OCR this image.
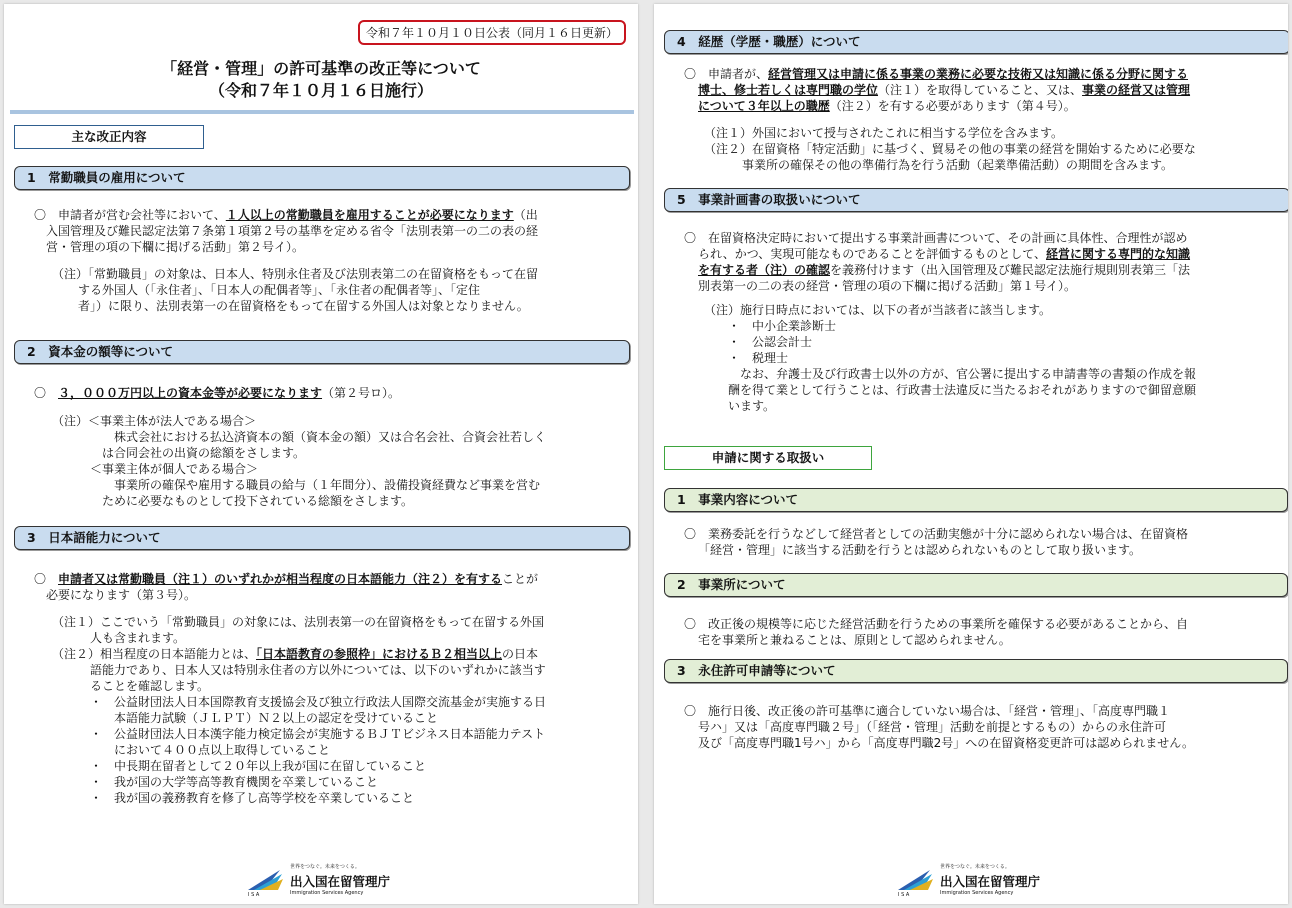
令和７年１０月１０日公表（同月１６日更新）
「経営・管理」の許可基準の改正等について
（令和７年１０月１６日施行）
主な改正内容
1　常勤職員の雇用について
〇　申請者が営む会社等において、１人以上の常勤職員を雇用することが必要になります（出
入国管理及び難民認定法第７条第１項第２号の基準を定める省令「法別表第一の二の表の経
営・管理の項の下欄に掲げる活動」第２号イ）。
（注）「常勤職員」の対象は、日本人、特別永住者及び法別表第二の在留資格をもって在留
する外国人（「永住者」、「日本人の配偶者等」、「永住者の配偶者等」、「定住
者」）に限り、法別表第一の在留資格をもって在留する外国人は対象となりません。
2　資本金の額等について
〇　３，０００万円以上の資本金等が必要になります（第２号ロ）。
（注）＜事業主体が法人である場合＞
株式会社における払込済資本の額（資本金の額）又は合名会社、合資会社若しく
は合同会社の出資の総額をさします。
＜事業主体が個人である場合＞
事業所の確保や雇用する職員の給与（１年間分）、設備投資経費など事業を営む
ために必要なものとして投下されている総額をさします。
3　日本語能力について
〇　申請者又は常勤職員（注１）のいずれかが相当程度の日本語能力（注２）を有することが
必要になります（第３号）。
（注１）ここでいう「常勤職員」の対象には、法別表第一の在留資格をもって在留する外国
人も含まれます。
（注２）相当程度の日本語能力とは、「日本語教育の参照枠」におけるＢ２相当以上の日本
語能力であり、日本人又は特別永住者の方以外については、以下のいずれかに該当す
ることを確認します。
・　公益財団法人日本国際教育支援協会及び独立行政法人国際交流基金が実施する日
本語能力試験（ＪＬＰＴ）Ｎ２以上の認定を受けていること
・　公益財団法人日本漢字能力検定協会が実施するＢＪＴビジネス日本語能力テスト
において４００点以上取得していること
・　中長期在留者として２０年以上我が国に在留していること
・　我が国の大学等高等教育機関を卒業していること
・　我が国の義務教育を修了し高等学校を卒業していること
世界をつなぐ。未来をつくる。
出入国在留管理庁
Immigration Services Agency
I S A
4　経歴（学歴・職歴）について
〇　申請者が、経営管理又は申請に係る事業の業務に必要な技術又は知識に係る分野に関する
博士、修士若しくは専門職の学位（注１）を取得していること、又は、事業の経営又は管理
について３年以上の職歴（注２）を有する必要があります（第４号）。
（注１）外国において授与されたこれに相当する学位を含みます。
（注２）在留資格「特定活動」に基づく、貿易その他の事業の経営を開始するために必要な
事業所の確保その他の準備行為を行う活動（起業準備活動）の期間を含みます。
5　事業計画書の取扱いについて
〇　在留資格決定時において提出する事業計画書について、その計画に具体性、合理性が認め
られ、かつ、実現可能なものであることを評価するものとして、経営に関する専門的な知識
を有する者（注）の確認を義務付けます（出入国管理及び難民認定法施行規則別表第三「法
別表第一の二の表の経営・管理の項の下欄に掲げる活動」第１号イ）。
（注）施行日時点においては、以下の者が当該者に該当します。
・　中小企業診断士
・　公認会計士
・　税理士
なお、弁護士及び行政書士以外の方が、官公署に提出する申請書等の書類の作成を報
酬を得て業として行うことは、行政書士法違反に当たるおそれがありますので御留意願
います。
申請に関する取扱い
1　事業内容について
〇　業務委託を行うなどして経営者としての活動実態が十分に認められない場合は、在留資格
「経営・管理」に該当する活動を行うとは認められないものとして取り扱います。
2　事業所について
〇　改正後の規模等に応じた経営活動を行うための事業所を確保する必要があることから、自
宅を事業所と兼ねることは、原則として認められません。
3　永住許可申請等について
〇　施行日後、改正後の許可基準に適合していない場合は、「経営・管理」、「高度専門職１
号ハ」又は「高度専門職２号」（「経営・管理」活動を前提とするもの）からの永住許可
及び「高度専門職1号ハ」から「高度専門職2号」への在留資格変更許可は認められません。
世界をつなぐ。未来をつくる。
出入国在留管理庁
Immigration Services Agency
I S A
